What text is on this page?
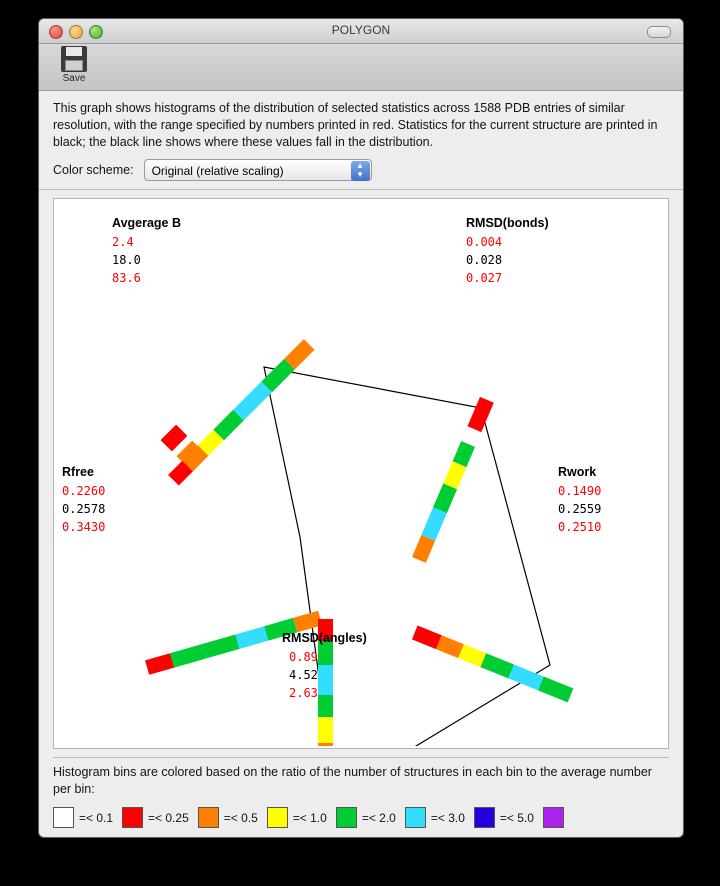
POLYGON
Save
This graph shows histograms of the distribution of selected statistics across 1588 PDB entries of similar resolution, with the range specified by numbers printed in red. Statistics for the current structure are printed in black; the black line shows where these values fall in the distribution.
Color scheme:	Original (relative scaling)	▲
▼
Avgerage B
2.4
18.0
83.6
RMSD(bonds)
0.004
0.028
0.027
Rwork
0.1490
0.2559
0.2510
RMSD(angles)
0.89
4.52
2.63
Rfree
0.2260
0.2578
0.3430
Histogram bins are colored based on the ratio of the number of structures in each bin to the average number per bin:
=< 0.1	=< 0.25	=< 0.5	=< 1.0	=< 2.0	=< 3.0	=< 5.0
